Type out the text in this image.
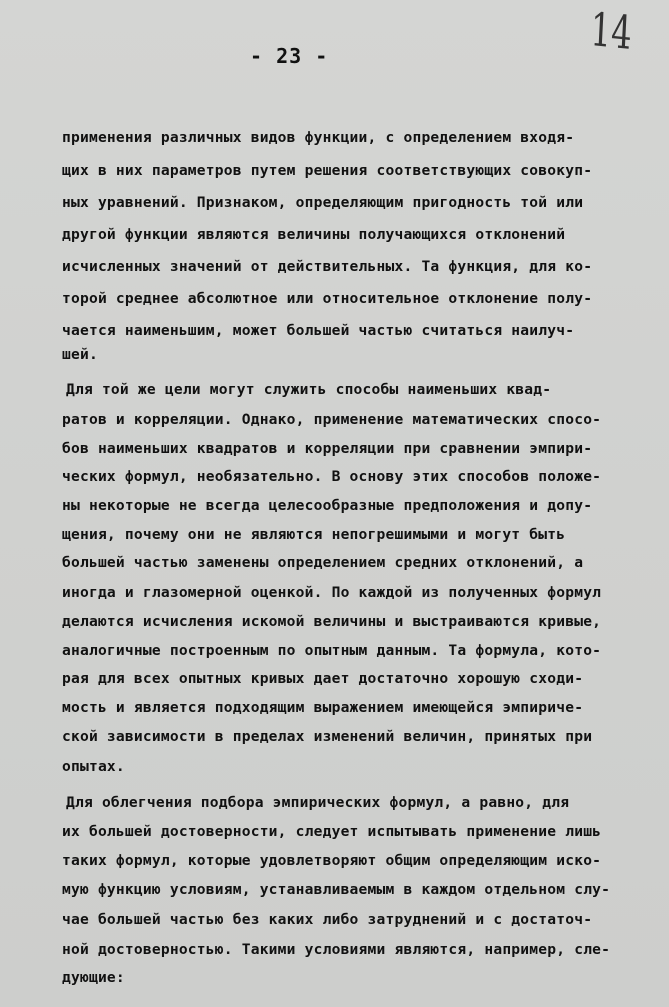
- 23 -	14
применения различных видов функции, с определением входя-
щих в них параметров путем решения соответствующих совокуп-
ных уравнений. Признаком, определяющим пригодность той или
другой функции являются величины получающихся отклонений
исчисленных значений от действительных. Та функция, для ко-
торой среднее абсолютное или относительное отклонение полу-
чается наименьшим, может большей частью считаться наилуч-
шей.
Для той же цели могут служить способы наименьших квад-
ратов и корреляции. Однако, применение математических спосо-
бов наименьших квадратов и корреляции при сравнении эмпири-
ческих формул, необязательно. В основу этих способов положе-
ны некоторые не всегда целесообразные предположения и допу-
щения, почему они не являются непогрешимыми и могут быть
большей частью заменены определением средних отклонений, а
иногда и глазомерной оценкой. По каждой из полученных формул
делаются исчисления искомой величины и выстраиваются кривые,
аналогичные построенным по опытным данным. Та формула, кото-
рая для всех опытных кривых дает достаточно хорошую сходи-
мость и является подходящим выражением имеющейся эмпириче-
ской зависимости в пределах изменений величин, принятых при
опытах.
Для облегчения подбора эмпирических формул, а равно, для
их большей достоверности, следует испытывать применение лишь
таких формул, которые удовлетворяют общим определяющим иско-
мую функцию условиям, устанавливаемым в каждом отдельном слу-
чае большей частью без каких либо затруднений и с достаточ-
ной достоверностью. Такими условиями являются, например, сле-
дующие:
